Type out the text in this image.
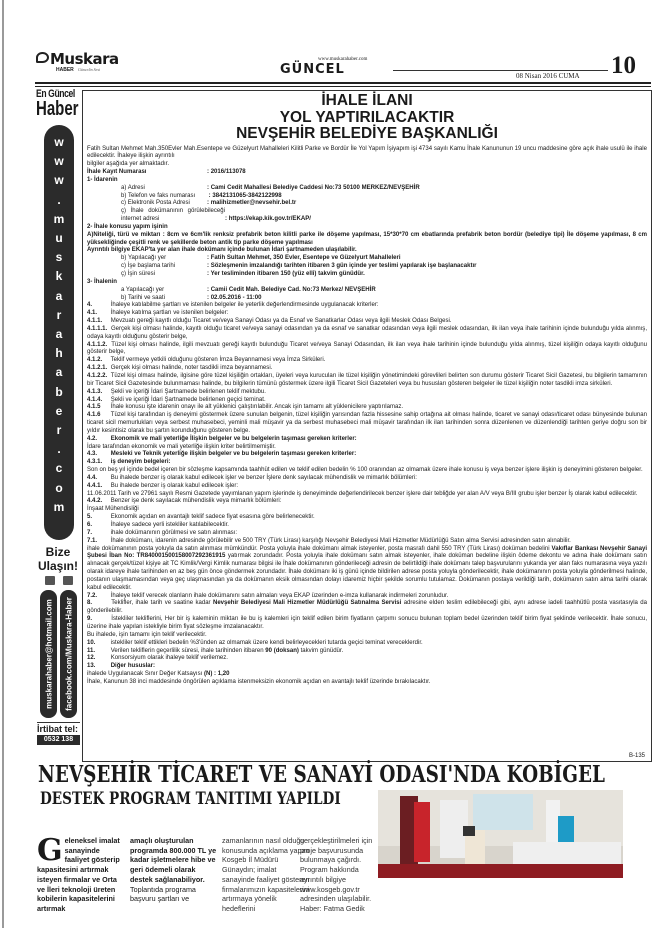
Muskara
HABER Güncelin Sesi
www.muskarahaber.com
GÜNCEL	08 Nisan 2016 CUMA 10
En Güncel
Haber
w
w
w
.
m
u
s
k
a
r
a
h
a
b
e
r
.
c
o
m
Bize Ulaşın!
muskarahaber@hotmail.com facebook.com/Muskara-Haber
İrtibat tel:
0532 138 1089
İHALE İLANI
YOL YAPTIRILACAKTIR
NEVŞEHİR BELEDİYE BAŞKANLIĞI

Fatih Sultan Mehmet Mah.350Evler Mah.Esentepe ve Güzelyurt Mahalleleri Kilitli Parke ve Bordür İle Yol Yapım İşiyapım işi 4734 sayılı Kamu İhale Kanununun 19 uncu maddesine göre açık ihale usulü ile ihale edilecektir. İhaleye ilişkin ayrıntılı

bilgiler aşağıda yer almaktadır.

İhale Kayıt Numarası	: 2016/113078

1- İdarenin

a) Adresi	: Cami Cedit Mahallesi Belediye Caddesi No:73 50100 MERKEZ/NEVŞEHİR

b) Telefon ve faks numarası : 3842131065-3842122998

c) Elektronik Posta Adresi	: malihizmetler@nevsehir.bel.tr

ç) İhale dokümanının görülebileceği internet adresi	: https://ekap.kik.gov.tr/EKAP/

2- İhale konusu yapım işinin

A)Niteliği, türü ve miktarı : 8cm ve 6cm'lik renksiz prefabrik beton kilitli parke ile döşeme yapılması, 15*30*70 cm ebatlarında prefabrik beton bordür (belediye tipi) İle döşeme yapılması, 8 cm yüksekliğinde çeşitli renk ve şekillerde beton antik tip parke döşeme yapılması

Ayrıntılı bilgiye EKAP'ta yer alan ihale dokümanı içinde bulunan İdari şartnameden ulaşılabilir.

b) Yapılacağı yer	: Fatih Sultan Mehmet, 350 Evler, Esentepe ve Güzelyurt Mahalleleri

c) İşe başlama tarihi	: Sözleşmenin imzalandığı tarihten itibaren 3 gün içinde yer teslimi yapılarak işe başlanacaktır

ç) İşin süresi	: Yer tesliminden itibaren 150 (yüz elli) takvim günüdür.

3- İhalenin

a Yapılacağı yer	: Camii Cedit Mah. Belediye Cad. No:73 Merkez/ NEVŞEHİR

b) Tarihi ve saati	: 02.05.2016 - 11:00

4.	İhaleye katılabilme şartları ve istenilen belgeler ile yeterlik değerlendirmesinde uygulanacak kriterler:

4.1. İhaleye katılma şartları ve istenilen belgeler:

4.1.1. Mevzuatı gereği kayıtlı olduğu Ticaret ve/veya Sanayi Odası ya da Esnaf ve Sanatkarlar Odası veya ilgili Meslek Odası Belgesi.

4.1.1.1. Gerçek kişi olması halinde, kayıtlı olduğu ticaret ve/veya sanayi odasından ya da esnaf ve sanatkar odasından veya ilgili meslek odasından, ilk ilan veya ihale tarihinin içinde bulunduğu yılda alınmış, odaya kayıtlı olduğunu gösterir belge,

4.1.1.2. Tüzel kişi olması halinde, ilgili mevzuatı gereği kayıtlı bulunduğu Ticaret ve/veya Sanayi Odasından, ilk ilan veya ihale tarihinin içinde bulunduğu yılda alınmış, tüzel kişiliğin odaya kayıtlı olduğunu gösterir belge,

4.1.2. Teklif vermeye yetkili olduğunu gösteren İmza Beyannamesi veya İmza Sirküleri.

4.1.2.1. Gerçek kişi olması halinde, noter tasdikli imza beyannamesi.

4.1.2.2. Tüzel kişi olması halinde, ilgisine göre tüzel kişiliğin ortakları, üyeleri veya kurucuları ile tüzel kişiliğin yönetimindeki görevlileri belirten son durumu gösterir Ticaret Sicil Gazetesi, bu bilgilerin tamamının bir Ticaret Sicil Gazetesinde bulunmaması halinde, bu bilgilerin tümünü göstermek üzere ilgili Ticaret Sicil Gazeteleri veya bu hususları gösteren belgeler ile tüzel kişiliğin noter tasdikli imza sirküleri.

4.1.3. Şekli ve içeriği İdari Şartnamede belirlenen teklif mektubu.

4.1.4. Şekli ve içeriği İdari Şartnamede belirlenen geçici teminat.

4.1.5 İhale konusu işte idarenin onayı ile alt yüklenici çalıştırılabilir. Ancak işin tamamı alt yüklenicilere yaptırılamaz.

4.1.6 Tüzel kişi tarafından iş deneyimi göstermek üzere sunulan belgenin, tüzel kişiliğin yarısından fazla hissesine sahip ortağına ait olması halinde, ticaret ve sanayi odası/ticaret odası bünyesinde bulunan ticaret sicil memurlukları veya serbest muhasebeci, yeminli mali müşavir ya da serbest muhasebeci mali müşavir tarafından ilk ilan tarihinden sonra düzenlenen ve düzenlendiği tarihten geriye doğru son bir yıldır kesintisiz olarak bu şartın korunduğunu gösteren belge.

4.2. Ekonomik ve mali yeterliğe İlişkin belgeler ve bu belgelerin taşıması gereken kriterler:

İdare tarafından ekonomik ve mali yeterliğe ilişkin kriter belirtilmemiştir.

4.3. Mesleki ve Teknik yeterliğe ilişkin belgeler ve bu belgelerin taşıması gereken kriterler:

4.3.1. iş deneyim belgeleri:

Son on beş yıl içinde bedel içeren bir sözleşme kapsamında taahhüt edilen ve teklif edilen bedelin % 100 oranından az olmamak üzere ihale konusu iş veya benzer işlere ilişkin iş deneyimini gösteren belgeler.

4.4. Bu ihalede benzer iş olarak kabul edilecek işler ve benzer İşlere denk sayılacak mühendislik ve mimarlık bölümleri:

4.4.1. Bu ihalede benzer iş olarak kabul edilecek işler:

11.06.2011 Tarih ve 27961 sayılı Resmi Gazetede yayımlanan yapım işlerinde iş deneyiminde değerlendirilecek benzer işlere dair tebliğde yer alan A/V veya B/III grubu işler benzer İş olarak kabul edilecektir.

4.4.2. Benzer işe denk sayılacak mühendislik veya mimarlık bölümleri:

İnşaat Mühendisliği

5.	Ekonomik açıdan en avantajlı teklif sadece fiyat esasına göre belirlenecektir.

6.	İhaleye sadece yerli istekliler katılabilecektir.

7.	ihale dokümanının görülmesi ve satın alınması:

7.1. İhale dokümanı, idarenin adresinde görülebilir ve 500 TRY (Türk Lirası) karşılığı Nevşehir Belediyesi Mali Hizmetler Müdürlüğü Satın alma Servisi adresinden satın alınabilir.

ihale dokümanının posta yoluyla da satın alınması mümkündür. Posta yoluyla ihale dokümanı almak isteyenler, posta masrafı dahil 550 TRY (Türk Lirası) doküman bedelini Vakıflar Bankası Nevşehir Sanayi Şubesi İban No: TR840001500158007292361915 yatırmak zorundadır. Posta yoluyla ihale dokümanı satın almak isteyenler, ihale doküman bedeline ilişkin ödeme dekontu ve adına ihale dokümanı satın alınacak gerçek/tüzel kişiye ait TC Kimlik/Vergi Kimlik numarası bilgisi ile İhale dokümanının gönderileceği adresin de belirtildiği ihale dokümanı talep başvurularını yukarıda yer alan faks numarasına veya yazılı olarak idareye ihale tarihinden en az beş gün önce göndermek zorundadır. İhale dokümanı iki iş günü içinde bildirilen adrese posta yoluyla gönderilecektir, ihale dokümanının posta yoluyla gönderilmesi halinde, postanın ulaşmamasından veya geç ulaşmasından ya da dokümanın eksik olmasından dolayı idaremiz hiçbir şekilde sorumlu tutulamaz. Dokümanın postaya verildiği tarih, dokümanın satın alma tarihi olarak kabul edilecektir.

7.2. İhaleye teklif verecek olanların ihale dokümanını satın almaları veya EKAP üzerinden e-imza kullanarak indirmeleri zorunludur.

8.	Teklifler, ihale tarih ve saatine kadar Nevşehir Belediyesi Mali Hizmetler Müdürlüğü Satınalma Servisi adresine elden teslim edilebileceği gibi, aynı adrese iadeli taahhütlü posta vasıtasıyla da gönderilebilir.

9.	İstekliler tekliflerini, Her bir iş kaleminin miktarı ile bu iş kalemleri için teklif edilen birim fiyatların çarpımı sonucu bulunan toplam bedel üzerinden teklif birim fiyat şeklinde verilecektir. İhale sonucu, üzerine ihale yapılan istekliyle birim fiyat sözleşme imzalanacaktır.

Bu ihalede, işin tamamı için teklif verilecektir.

10.	istekliler teklif ettikleri bedelin %3'ünden az olmamak üzere kendi belirleyecekleri tutarda geçici teminat vereceklerdir.

11.	Verilen tekliflerin geçerlilik süresi, ihale tarihinden itibaren 90 (doksan) takvim günüdür.

12.	Konsorsiyum olarak ihaleye teklif verilemez.

13.	Diğer hususlar:

ihalede Uygulanacak Sınır Değer Katsayısı (N) : 1,20

İhale, Kanunun 38 inci maddesinde öngörülen açıklama istenmeksizin ekonomik açıdan en avantajlı teklif üzerinde bırakılacaktır.

B-135
NEVŞEHİR TİCARET VE SANAYİ ODASI'NDA KOBİGEL
DESTEK PROGRAM TANITIMI YAPILDI
Geleneksel imalat sanayinde faaliyet gösterip kapasitesini artırmak isteyen firmalar ve Orta ve İleri teknoloji üreten kobilerin kapasitelerini artırmak
amaçlı oluşturulan programda 800.000 TL ye kadar işletmelere hibe ve geri ödemeli olarak destek sağlanabiliyor. Toplantıda programa başvuru şartları ve
zamanlarının nasıl olduğu konusunda açıklama yapan Kosgeb İl Müdürü Günaydın; imalat sanayinde faaliyet gösteren firmalarımızın kapasitelerini artırmaya yönelik hedeflerini
gerçekleştirilmeleri için proje başvurusunda bulunmaya çağırdı. Program hakkında ayrıntılı bilgiye www.kosgeb.gov.tr adresinden ulaşılabilir. Haber: Fatma Gedik
